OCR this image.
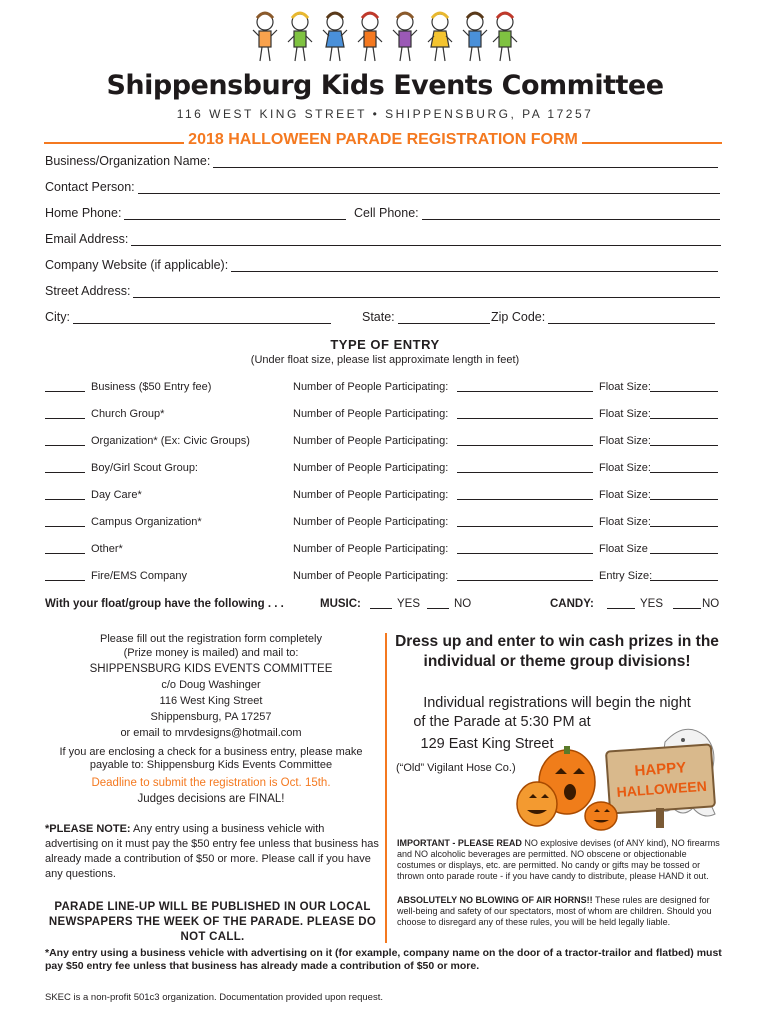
Shippensburg Kids Events Committee
116 WEST KING STREET • SHIPPENSBURG, PA 17257
2018 HALLOWEEN PARADE REGISTRATION FORM
Business/Organization Name:
Contact Person:
Home Phone:	Cell Phone:
Email Address:
Company Website (if applicable):
Street Address:
City:	State:	Zip Code:
TYPE OF ENTRY
(Under float size, please list approximate length in feet)
Business ($50 Entry fee)	Number of People Participating:	Float Size:
Church Group*	Number of People Participating:	Float Size:
Organization* (Ex: Civic Groups)	Number of People Participating:	Float Size:
Boy/Girl Scout Group:	Number of People Participating:	Float Size:
Day Care*	Number of People Participating:	Float Size:
Campus Organization*	Number of People Participating:	Float Size:
Other*	Number of People Participating:	Float Size
Fire/EMS Company	Number of People Participating:	Entry Size:
With your float/group have the following . . .	MUSIC:	YES	NO	CANDY:	YES	NO
Please fill out the registration form completely
(Prize money is mailed) and mail to:
SHIPPENSBURG KIDS EVENTS COMMITTEE
c/o Doug Washinger
116 West King Street
Shippensburg, PA 17257
or email to mrvdesigns@hotmail.com
If you are enclosing a check for a business entry, please make
payable to: Shippensburg Kids Events Committee
Deadline to submit the registration is Oct. 15th.
Judges decisions are FINAL!
*PLEASE NOTE: Any entry using a business vehicle with advertising on it must pay the $50 entry fee unless that business has already made a contribution of $50 or more. Please call if you have any questions.
PARADE LINE-UP WILL BE PUBLISHED IN OUR LOCAL NEWSPAPERS THE WEEK OF THE PARADE. PLEASE DO NOT CALL.
Dress up and enter to win cash prizes in the individual or theme group divisions!
Individual registrations will begin the night
of the Parade at 5:30 PM at
129 East King Street
(“Old” Vigilant Hose Co.)	HAPPY
HALLOWEEN
IMPORTANT - PLEASE READ NO explosive devises (of ANY kind), NO firearms and NO alcoholic beverages are permitted. NO obscene or objectionable costumes or displays, etc. are permitted. No candy or gifts may be tossed or thrown onto parade route - if you have candy to distribute, please HAND it out.
ABSOLUTELY NO BLOWING OF AIR HORNS!! These rules are designed for well-being and safety of our spectators, most of whom are children. Should you choose to disregard any of these rules, you will be held legally liable.
*Any entry using a business vehicle with advertising on it (for example, company name on the door of a tractor-trailor and flatbed) must pay $50 entry fee unless that business has already made a contribution of $50 or more.
SKEC is a non-profit 501c3 organization. Documentation provided upon request.
